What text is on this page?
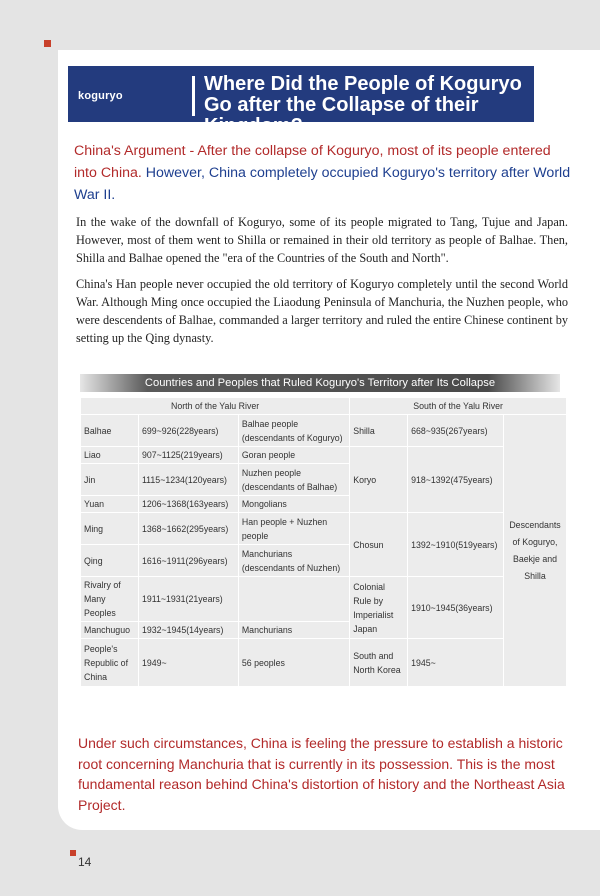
koguryo
Where Did the People of Koguryo Go after the Collapse of their Kingdom?
China's Argument - After the collapse of Koguryo, most of its people entered into China. However, China completely occupied Koguryo's territory after World War II.

In the wake of the downfall of Koguryo, some of its people migrated to Tang, Tujue and Japan. However, most of them went to Shilla or remained in their old territory as people of Balhae. Then, Shilla and Balhae opened the "era of the Countries of the South and North".

China's Han people never occupied the old territory of Koguryo completely until the second World War. Although Ming once occupied the Liaodung Peninsula of Manchuria, the Nuzhen people, who were descendents of Balhae, commanded a larger territory and ruled the entire Chinese continent by setting up the Qing dynasty.

Countries and Peoples that Ruled Koguryo's Territory after Its Collapse
North of the Yalu River			South of the Yalu River		
Balhae	699~926(228years)	Balhae people (descendants of Koguryo)	Shilla	668~935(267years)	Descendants of Koguryo, Baekje and Shilla
Liao	907~1125(219years)	Goran people	Koryo	918~1392(475years)	
Jin	1115~1234(120years)	Nuzhen people (descendants of Balhae)			
Yuan	1206~1368(163years)	Mongolians			
Ming	1368~1662(295years)	Han people + Nuzhen people	Chosun	1392~1910(519years)	
Qing	1616~1911(296years)	Manchurians (descendants of Nuzhen)			
Rivalry of Many Peoples	1911~1931(21years)		Colonial Rule by Imperialist Japan	1910~1945(36years)	
Manchuguo	1932~1945(14years)	Manchurians			
People's Republic of China	1949~	56 peoples	South and North Korea	1945~	

Under such circumstances, China is feeling the pressure to establish a historic root concerning Manchuria that is currently in its possession. This is the most fundamental reason behind China's distortion of history and the Northeast Asia Project.

14
